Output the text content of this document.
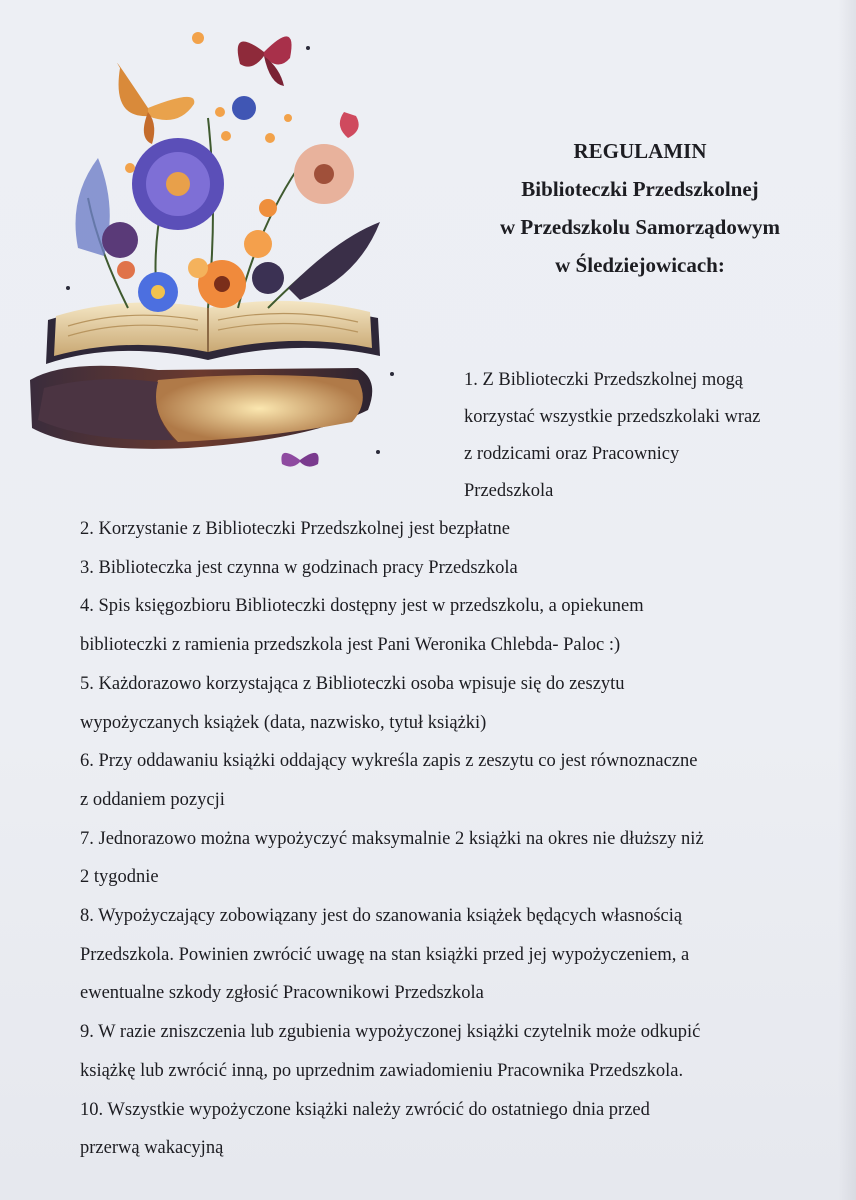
REGULAMIN
Biblioteczki Przedszkolnej
w Przedszkolu Samorządowym
w Śledziejowicach:
1. Z Biblioteczki Przedszkolnej mogą
korzystać wszystkie przedszkolaki wraz
z rodzicami oraz Pracownicy
Przedszkola
2. Korzystanie z Biblioteczki Przedszkolnej jest bezpłatne
3. Biblioteczka jest czynna w godzinach pracy Przedszkola
4. Spis księgozbioru Biblioteczki dostępny jest w przedszkolu, a opiekunem
biblioteczki z ramienia przedszkola jest Pani Weronika Chlebda- Paloc :)
5. Każdorazowo korzystająca z Biblioteczki osoba wpisuje się do zeszytu
wypożyczanych książek (data, nazwisko, tytuł książki)
6. Przy oddawaniu książki oddający wykreśla zapis z zeszytu co jest równoznaczne
z oddaniem pozycji
7. Jednorazowo można wypożyczyć maksymalnie 2 książki na okres nie dłuższy niż
2 tygodnie
8. Wypożyczający zobowiązany jest do szanowania książek będących własnością
Przedszkola. Powinien zwrócić uwagę na stan książki przed jej wypożyczeniem, a
ewentualne szkody zgłosić Pracownikowi Przedszkola
9. W razie zniszczenia lub zgubienia wypożyczonej książki czytelnik może odkupić
książkę lub zwrócić inną, po uprzednim zawiadomieniu Pracownika Przedszkola.
10. Wszystkie wypożyczone książki należy zwrócić do ostatniego dnia przed
przerwą wakacyjną
